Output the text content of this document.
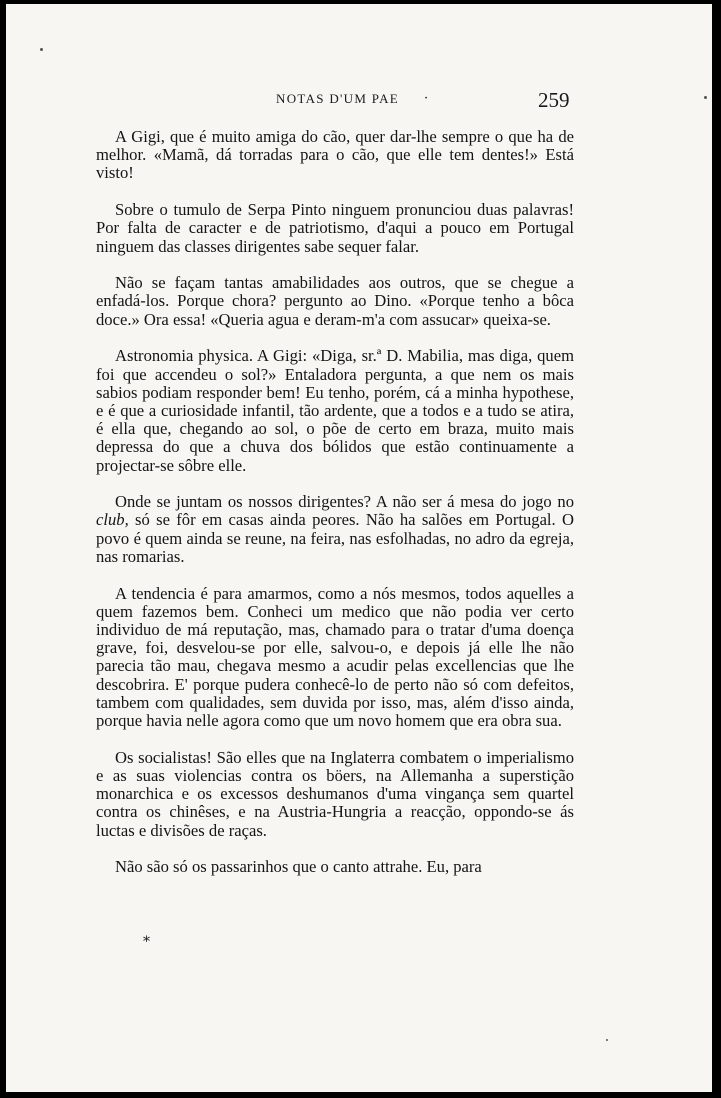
NOTAS D'UM PAE ·	259

A Gigi, que é muito amiga do cão, quer dar-lhe sempre o que ha de melhor. «Mamã, dá torradas para o cão, que elle tem dentes!» Está visto!

Sobre o tumulo de Serpa Pinto ninguem pronunciou duas palavras! Por falta de caracter e de patriotismo, d'aqui a pouco em Portugal ninguem das classes dirigentes sabe sequer falar.

Não se façam tantas amabilidades aos outros, que se chegue a enfadá-los. Porque chora? pergunto ao Dino. «Porque tenho a bôca doce.» Ora essa! «Queria agua e deram-m'a com assucar» queixa-se.

Astronomia physica. A Gigi: «Diga, sr.ª D. Mabilia, mas diga, quem foi que accendeu o sol?» Entaladora pergunta, a que nem os mais sabios podiam responder bem! Eu tenho, porém, cá a minha hypothese, e é que a curiosidade infantil, tão ardente, que a todos e a tudo se atira, é ella que, chegando ao sol, o põe de certo em braza, muito mais depressa do que a chuva dos bólidos que estão continuamente a projectar-se sôbre elle.

Onde se juntam os nossos dirigentes? A não ser á mesa do jogo no club, só se fôr em casas ainda peores. Não ha salões em Portugal. O povo é quem ainda se reune, na feira, nas esfolhadas, no adro da egreja, nas romarias.

A tendencia é para amarmos, como a nós mesmos, todos aquelles a quem fazemos bem. Conheci um medico que não podia ver certo individuo de má reputação, mas, chamado para o tratar d'uma doença grave, foi, desvelou-se por elle, salvou-o, e depois já elle lhe não parecia tão mau, chegava mesmo a acudir pelas excellencias que lhe descobrira. E' porque pudera conhecê-lo de perto não só com defeitos, tambem com qualidades, sem duvida por isso, mas, além d'isso ainda, porque havia nelle agora como que um novo homem que era obra sua.

Os socialistas! São elles que na Inglaterra combatem o imperialismo e as suas violencias contra os böers, na Allemanha a superstição monarchica e os excessos deshumanos d'uma vingança sem quartel contra os chinêses, e na Austria-Hungria a reacção, oppondo-se ás luctas e divisões de raças.

Não são só os passarinhos que o canto attrahe. Eu, para

*
